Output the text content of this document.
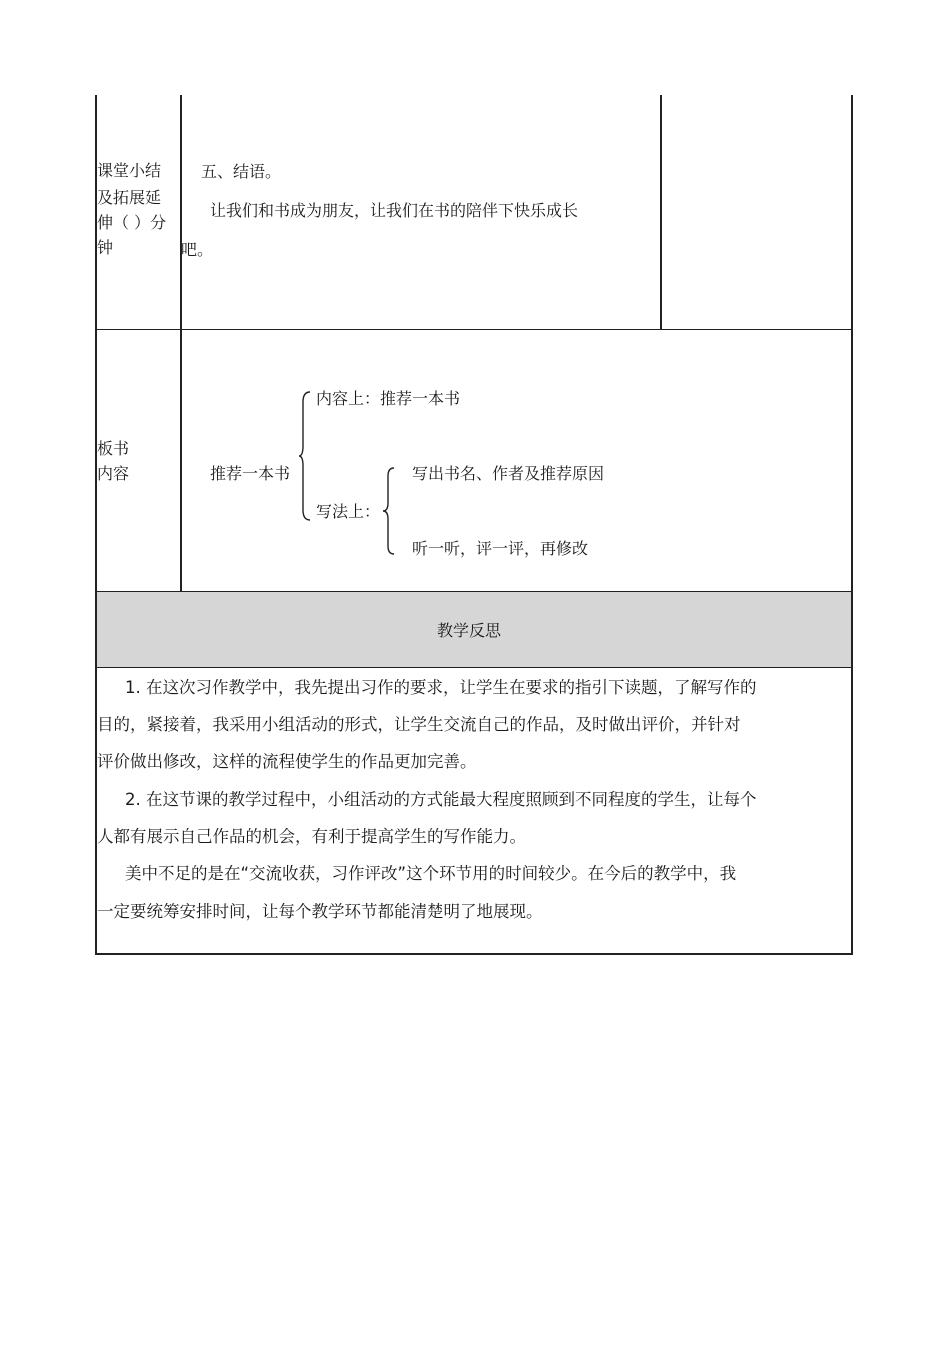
课堂小结
及拓展延
伸（ ）分
钟
五、结语。
让我们和书成为朋友，让我们在书的陪伴下快乐成长
吧。
板书
内容	推荐一本书
内容上：推荐一本书
写法上：
写出书名、作者及推荐原因
听一听，评一评，再修改
教学反思
1. 在这次习作教学中，我先提出习作的要求，让学生在要求的指引下读题，了解写作的
目的，紧接着，我采用小组活动的形式，让学生交流自己的作品，及时做出评价，并针对
评价做出修改，这样的流程使学生的作品更加完善。
2. 在这节课的教学过程中，小组活动的方式能最大程度照顾到不同程度的学生，让每个
人都有展示自己作品的机会，有利于提高学生的写作能力。
美中不足的是在“交流收获，习作评改”这个环节用的时间较少。在今后的教学中，我
一定要统筹安排时间，让每个教学环节都能清楚明了地展现。
